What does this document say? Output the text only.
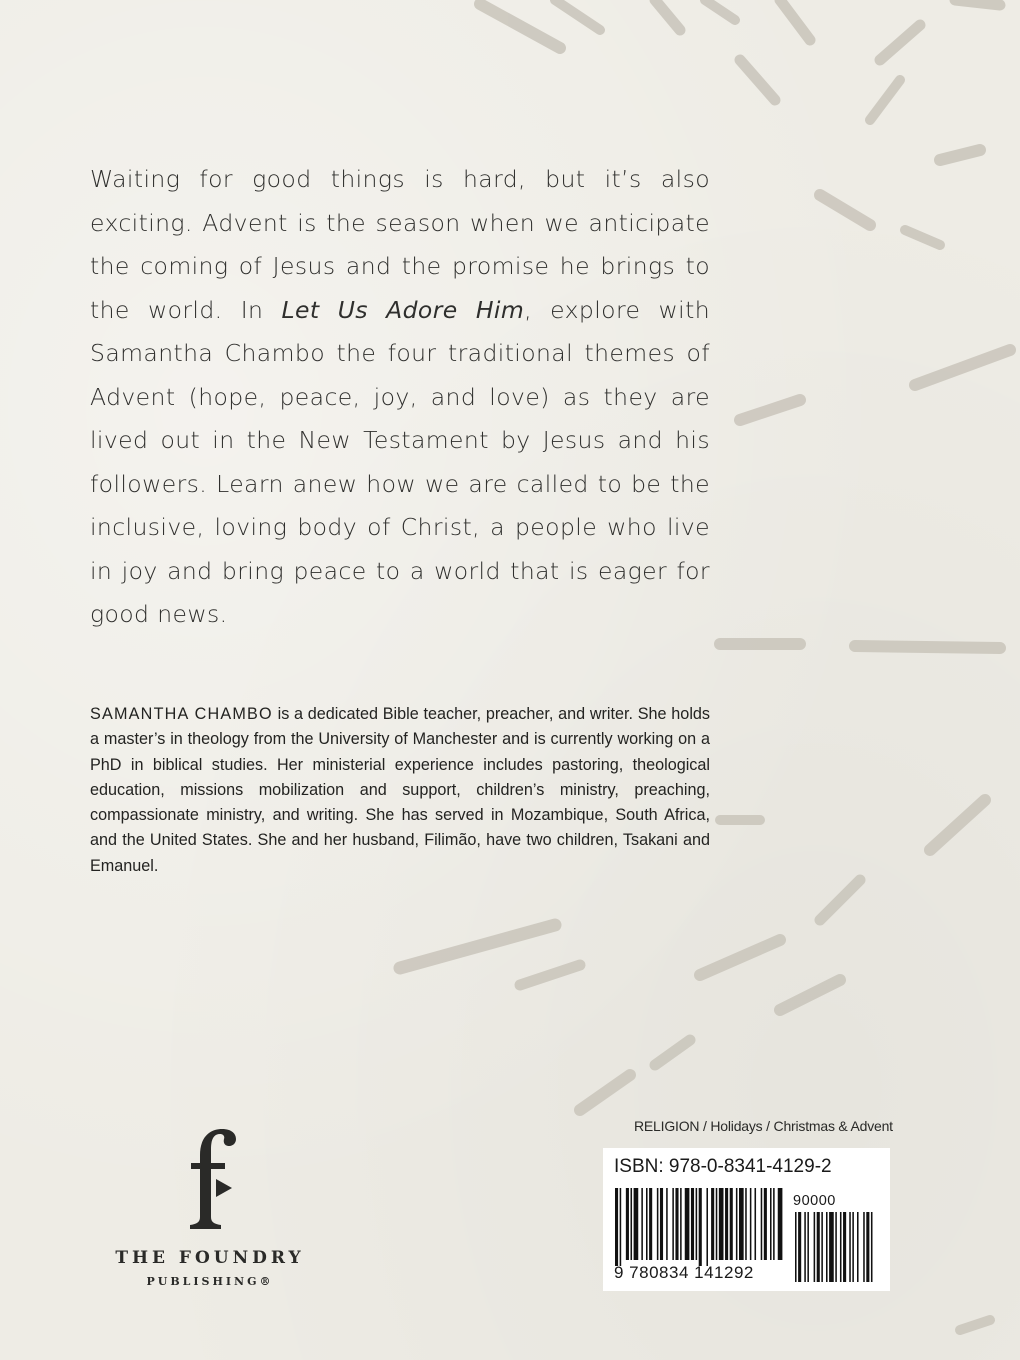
Waiting for good things is hard, but it’s also exciting. Advent is the season when we anticipate the coming of Jesus and the promise he brings to the world. In Let Us Adore Him, explore with Samantha Chambo the four traditional themes of Advent (hope, peace, joy, and love) as they are lived out in the New Testament by Jesus and his followers. Learn anew how we are called to be the inclusive, loving body of Christ, a people who live in joy and bring peace to a world that is eager for good news.

SAMANTHA CHAMBO is a dedicated Bible teacher, preacher, and writer. She holds a master’s in theology from the University of Manchester and is currently working on a PhD in biblical studies. Her ministerial experience includes pastoring, theological education, missions mobilization and support, children’s ministry, preaching, compassionate ministry, and writing. She has served in Mozambique, South Africa, and the United States. She and her husband, Filimão, have two children, Tsakani and Emanuel.

THE FOUNDRY
PUBLISHING®
RELIGION / Holidays / Christmas & Advent
ISBN: 978-0-8341-4129-2
90000
9 780834 141292
